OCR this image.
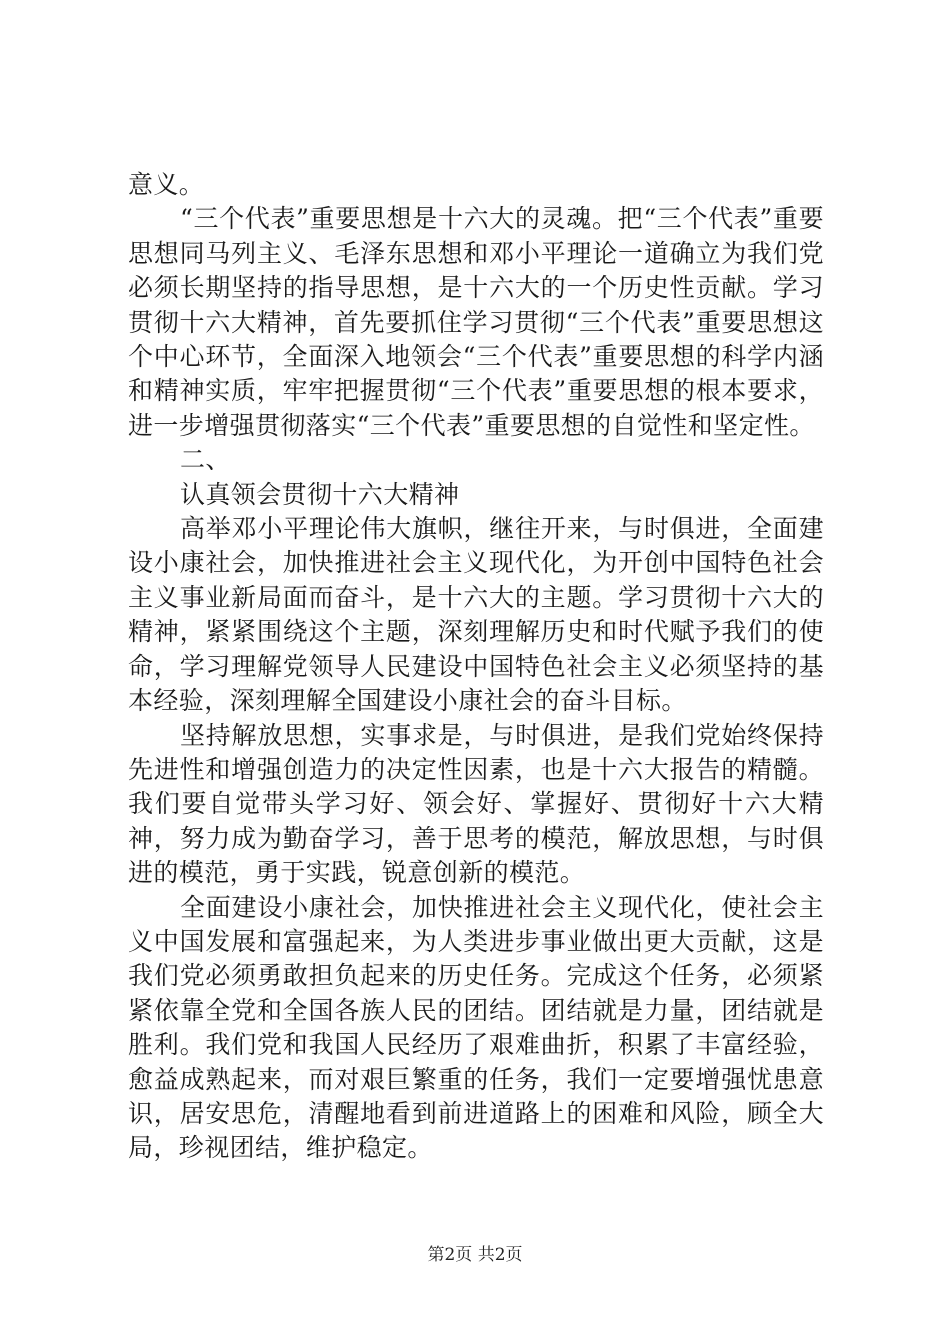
意义。

“三个代表”重要思想是十六大的灵魂。把“三个代表”重要思想同马列主义、毛泽东思想和邓小平理论一道确立为我们党必须长期坚持的指导思想，是十六大的一个历史性贡献。学习贯彻十六大精神，首先要抓住学习贯彻“三个代表”重要思想这个中心环节，全面深入地领会“三个代表”重要思想的科学内涵和精神实质，牢牢把握贯彻“三个代表”重要思想的根本要求，进一步增强贯彻落实“三个代表”重要思想的自觉性和坚定性。

二、

认真领会贯彻十六大精神

高举邓小平理论伟大旗帜，继往开来，与时俱进，全面建设小康社会，加快推进社会主义现代化，为开创中国特色社会主义事业新局面而奋斗，是十六大的主题。学习贯彻十六大的精神，紧紧围绕这个主题，深刻理解历史和时代赋予我们的使命，学习理解党领导人民建设中国特色社会主义必须坚持的基本经验，深刻理解全国建设小康社会的奋斗目标。

坚持解放思想，实事求是，与时俱进，是我们党始终保持先进性和增强创造力的决定性因素，也是十六大报告的精髓。我们要自觉带头学习好、领会好、掌握好、贯彻好十六大精神，努力成为勤奋学习，善于思考的模范，解放思想，与时俱进的模范，勇于实践，锐意创新的模范。

全面建设小康社会，加快推进社会主义现代化，使社会主义中国发展和富强起来，为人类进步事业做出更大贡献，这是我们党必须勇敢担负起来的历史任务。完成这个任务，必须紧紧依靠全党和全国各族人民的团结。团结就是力量，团结就是胜利。我们党和我国人民经历了艰难曲折，积累了丰富经验，愈益成熟起来，而对艰巨繁重的任务，我们一定要增强忧患意识，居安思危，清醒地看到前进道路上的困难和风险，顾全大局，珍视团结，维护稳定。

第2页 共2页
